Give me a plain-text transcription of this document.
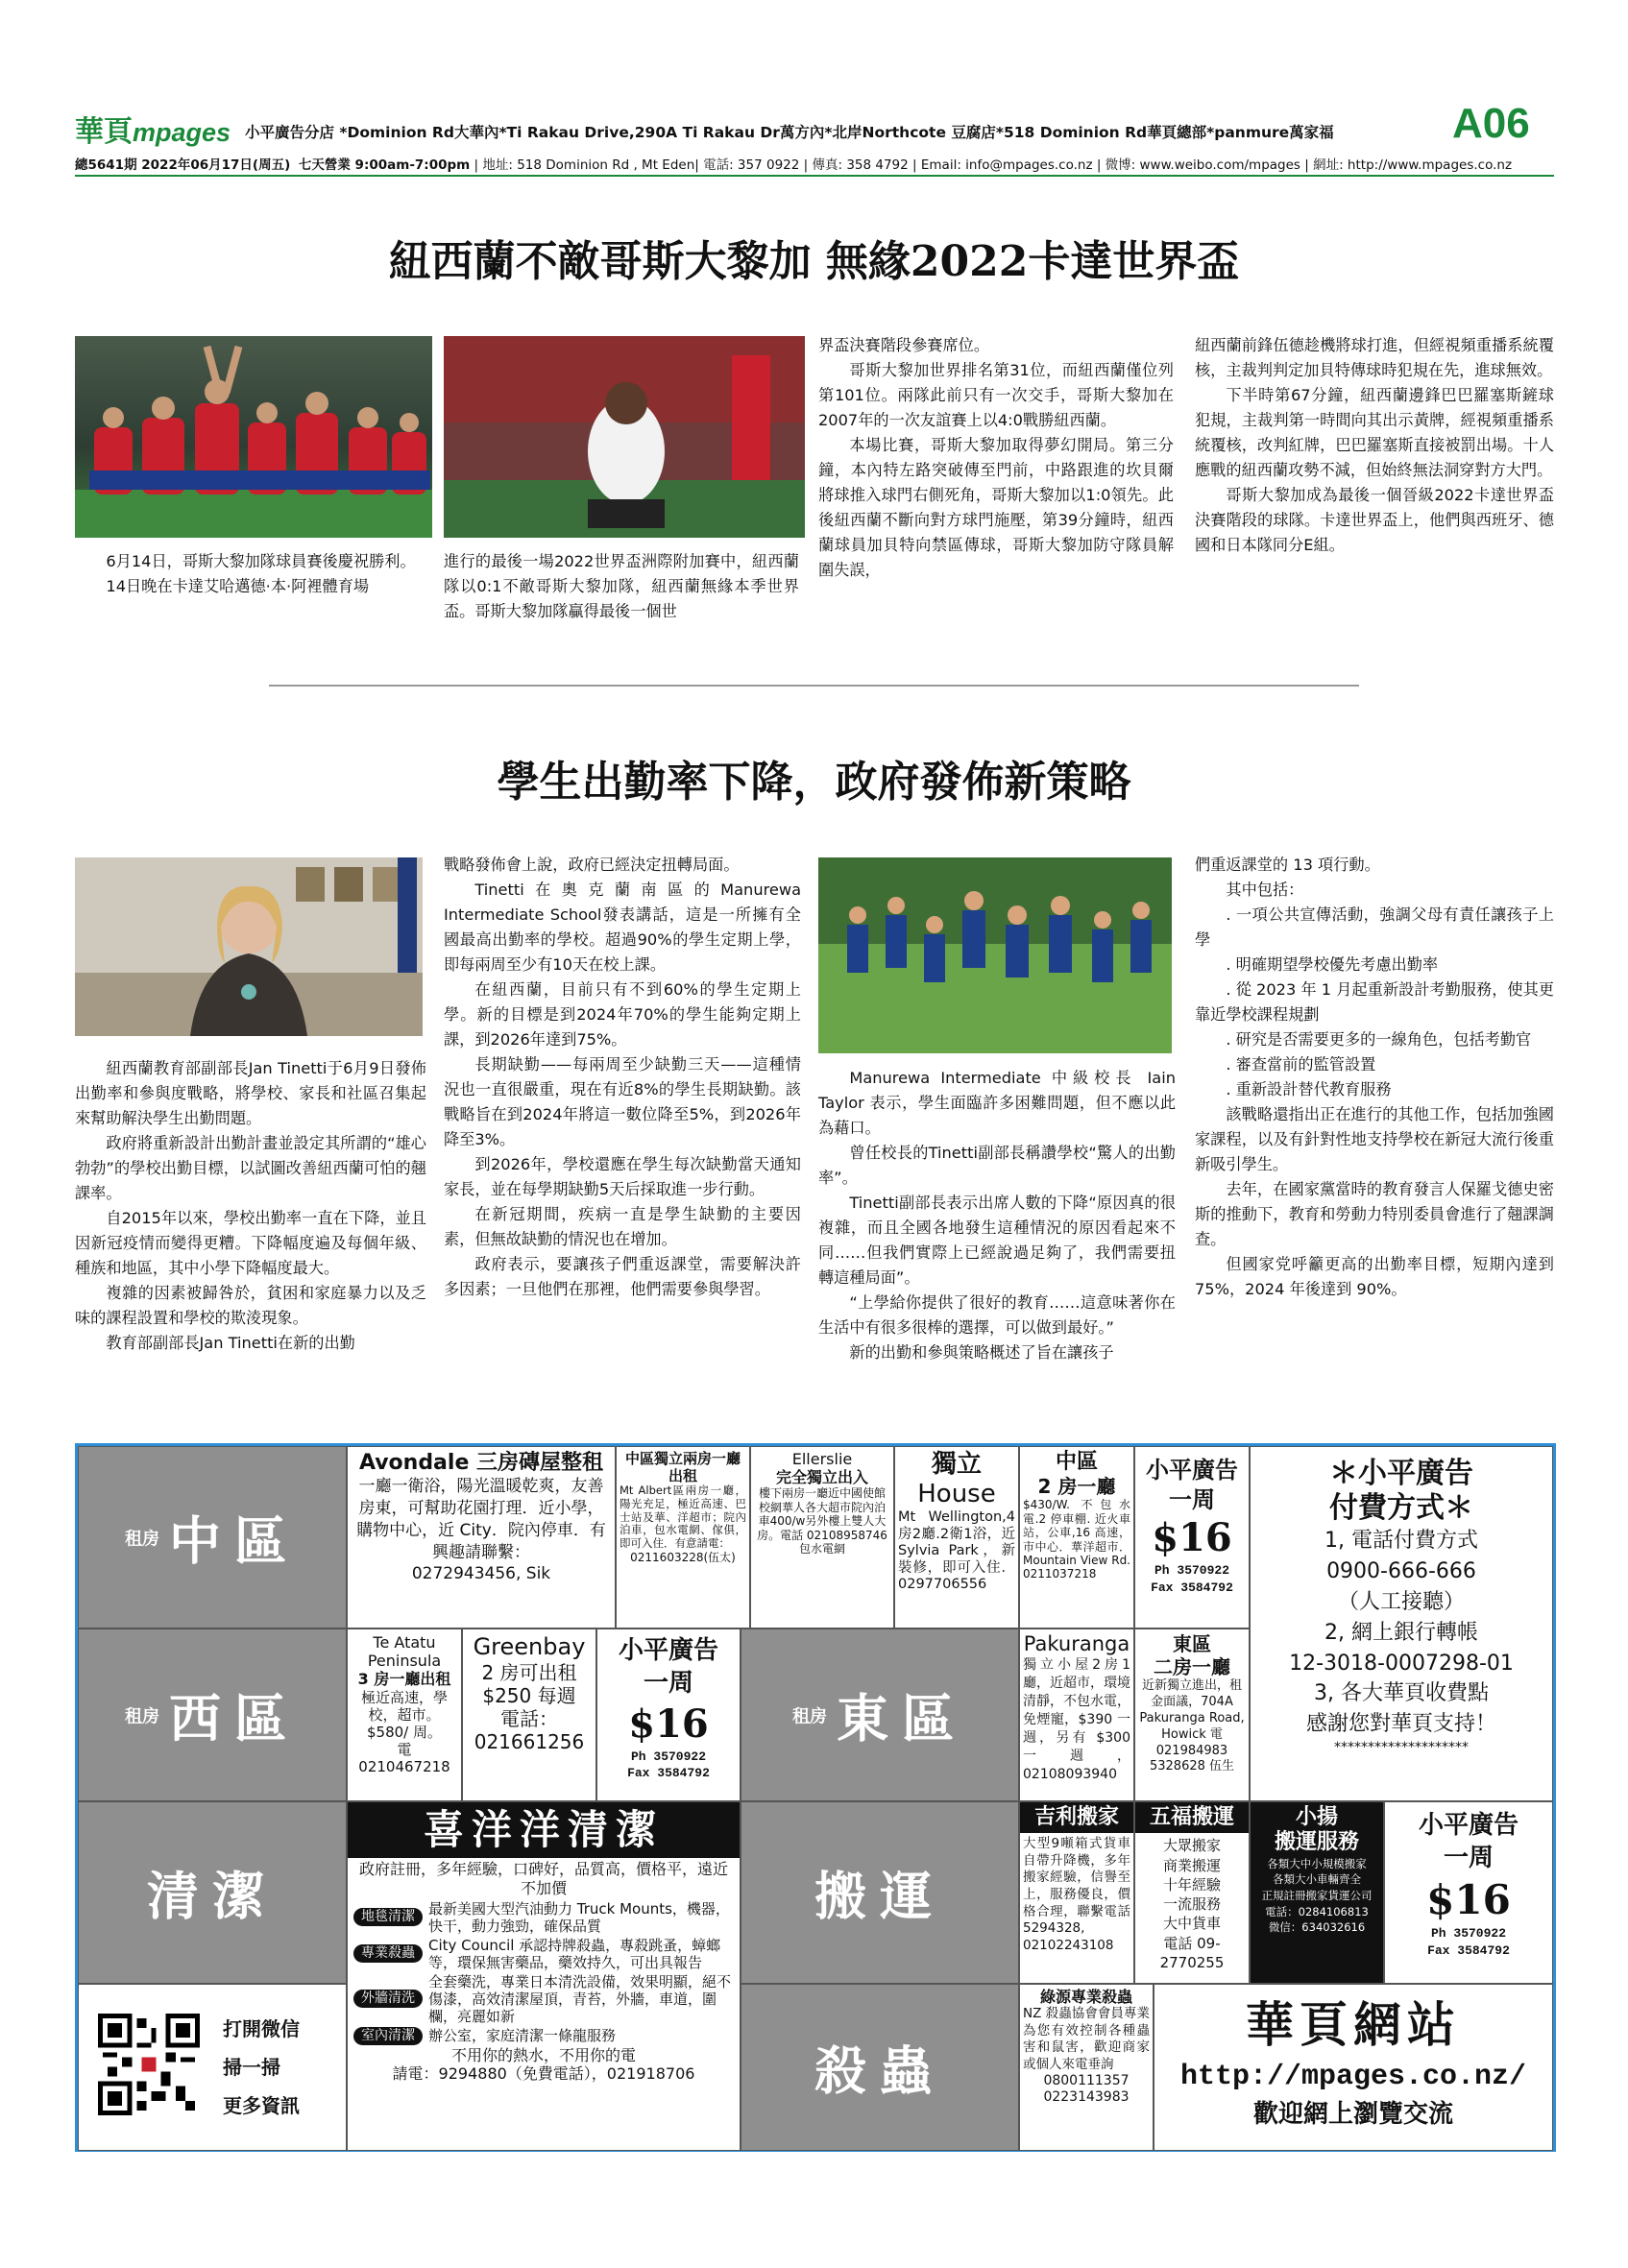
華頁mpages 小平廣告分店 *Dominion Rd大華內*Ti Rakau Drive,290A Ti Rakau Dr萬方內*北岸Northcote 豆腐店*518 Dominion Rd華頁總部*panmure萬家福	A06
總5641期 2022年06月17日(周五) 七天營業 9:00am-7:00pm | 地址: 518 Dominion Rd , Mt Eden| 電話: 357 0922 | 傳真: 358 4792 | Email: info@mpages.co.nz | 微博: www.weibo.com/mpages | 網址: http://www.mpages.co.nz
紐西蘭不敵哥斯大黎加 無緣2022卡達世界盃

6月14日，哥斯大黎加隊球員賽後慶祝勝利。

14日晚在卡達艾哈邁德·本·阿裡體育場

進行的最後一場2022世界盃洲際附加賽中，紐西蘭隊以0:1不敵哥斯大黎加隊，紐西蘭無緣本季世界盃。哥斯大黎加隊贏得最後一個世

界盃決賽階段參賽席位。

哥斯大黎加世界排名第31位，而紐西蘭僅位列第101位。兩隊此前只有一次交手，哥斯大黎加在2007年的一次友誼賽上以4:0戰勝紐西蘭。

本場比賽，哥斯大黎加取得夢幻開局。第三分鐘，本內特左路突破傳至門前，中路跟進的坎貝爾將球推入球門右側死角，哥斯大黎加以1:0領先。此後紐西蘭不斷向對方球門施壓，第39分鐘時，紐西蘭球員加貝特向禁區傳球，哥斯大黎加防守隊員解圍失誤，

紐西蘭前鋒伍德趁機將球打進，但經視頻重播系統覆核，主裁判判定加貝特傳球時犯規在先，進球無效。

下半時第67分鐘，紐西蘭邊鋒巴巴羅塞斯鏟球犯規，主裁判第一時間向其出示黃牌，經視頻重播系統覆核，改判紅牌，巴巴羅塞斯直接被罰出場。十人應戰的紐西蘭攻勢不減，但始終無法洞穿對方大門。

哥斯大黎加成為最後一個晉級2022卡達世界盃決賽階段的球隊。卡達世界盃上，他們與西班牙、德國和日本隊同分E組。

學生出勤率下降，政府發佈新策略

紐西蘭教育部副部長Jan Tinetti于6月9日發佈出勤率和參與度戰略，將學校、家長和社區召集起來幫助解決學生出勤問題。

政府將重新設計出勤計畫並設定其所謂的“雄心勃勃”的學校出勤目標，以試圖改善紐西蘭可怕的翹課率。

自2015年以來，學校出勤率一直在下降，並且因新冠疫情而變得更糟。下降幅度遍及每個年級、種族和地區，其中小學下降幅度最大。

複雜的因素被歸咎於，貧困和家庭暴力以及乏味的課程設置和學校的欺淩現象。

教育部副部長Jan Tinetti在新的出勤

戰略發佈會上說，政府已經決定扭轉局面。

Tinetti在奧克蘭南區的Manurewa Intermediate School發表講話，這是一所擁有全國最高出勤率的學校。超過90%的學生定期上學，即每兩周至少有10天在校上課。

在紐西蘭，目前只有不到60%的學生定期上學。新的目標是到2024年70%的學生能夠定期上課，到2026年達到75%。

長期缺勤——每兩周至少缺勤三天——這種情況也一直很嚴重，現在有近8%的學生長期缺勤。該戰略旨在到2024年將這一數位降至5%，到2026年降至3%。

到2026年，學校還應在學生每次缺勤當天通知家長，並在每學期缺勤5天后採取進一步行動。

在新冠期間，疾病一直是學生缺勤的主要因素，但無故缺勤的情況也在增加。

政府表示，要讓孩子們重返課堂，需要解決許多因素；一旦他們在那裡，他們需要參與學習。

Manurewa Intermediate 中級校長 Iain Taylor 表示，學生面臨許多困難問題，但不應以此為藉口。

曾任校長的Tinetti副部長稱讚學校“驚人的出勤率”。

Tinetti副部長表示出席人數的下降“原因真的很複雜，而且全國各地發生這種情況的原因看起來不同……但我們實際上已經說過足夠了，我們需要扭轉這種局面”。

“上學給你提供了很好的教育……這意味著你在生活中有很多很棒的選擇，可以做到最好。”

新的出勤和參與策略概述了旨在讓孩子

們重返課堂的 13 項行動。

其中包括：

. 一項公共宣傳活動，強調父母有責任讓孩子上學

. 明確期望學校優先考慮出勤率

. 從 2023 年 1 月起重新設計考勤服務，使其更靠近學校課程規劃

. 研究是否需要更多的一線角色，包括考勤官

. 審查當前的監管設置

. 重新設計替代教育服務

該戰略還指出正在進行的其他工作，包括加強國家課程，以及有針對性地支持學校在新冠大流行後重新吸引學生。

去年，在國家黨當時的教育發言人保羅戈德史密斯的推動下，教育和勞動力特別委員會進行了翹課調查。

但國家党呼籲更高的出勤率目標，短期內達到 75%，2024 年後達到 90%。

租房 中區
Avondale 三房磚屋整租
一廳一衛浴，陽光溫暖乾爽，友善房東，可幫助花園打理．近小學，購物中心，近 City．院內停車．有興趣請聯繫：
0272943456, Sik
中區獨立兩房一廳出租
Mt Albert區兩房一廳，陽光充足，極近高速、巴士站及華、洋超市；院內泊車，包水電網、傢俱，即可入住．有意請電：
0211603228(伍太)
Ellerslie
完全獨立出入
樓下兩房一廳近中國使館校網華人各大超市院內泊車400/w另外樓上雙人大房。電話 02108958746
包水電網
獨立
House
Mt Wellington,4房2廳.2衛1浴，近 Sylvia Park，新裝修，即可入住．0297706556
中區
2 房一廳
$430/W. 不包水電.2 停車棚. 近火車站，公車,16 高速，市中心．華洋超市．Mountain View Rd. 0211037218
小平廣告
一周
$16
Ph 3570922
Fax 3584792
＊小平廣告
付費方式＊
1, 電話付費方式
0900-666-666
（人工接聽）
2, 網上銀行轉帳
12-3018-0007298-01
3, 各大華頁收費點
感謝您對華頁支持！
********************
租房 西區
Te Atatu
Peninsula
3 房一廳出租
極近高速，學校，超市。$580/ 周。
電 0210467218
Greenbay
2 房可出租
$250 每週
電話：
021661256
小平廣告
一周
$16
Ph 3570922
Fax 3584792
租房 東區
Pakuranga
獨立小屋2房1廳，近超市，環境清靜，不包水電，免煙寵，$390 一週，另有 $300 一週，02108093940
東區
二房一廳
近新獨立進出，租金面議，704A Pakuranga Road, Howick 電 021984983 5328628 伍生
清潔
喜洋洋清潔
政府註冊，多年經驗，口碑好，品質高，價格平，遠近不加價
地毯清潔 最新美國大型汽油動力 Truck Mounts，機器，快干，動力強勁，確保品質
專業殺蟲 City Council 承認持牌殺蟲，專殺跳蚤，蟑螂等，環保無害藥品，藥效持久，可出具報告
外牆清洗
全套藥洗，專業日本清洗設備，效果明顯，絕不傷漆，高效清潔屋頂，青苔，外牆，車道，圍欄，亮麗如新
室內清潔 辦公室，家庭清潔一條龍服務
不用你的熱水，不用你的電
請電：9294880（免費電話），021918706
搬運
吉利搬家
大型9噸箱式貨車自帶升降機，多年搬家經驗，信譽至上，服務優良，價格合理，聯繫電話 5294328, 02102243108
五福搬運
大眾搬家
商業搬運
十年經驗
一流服務
大中貨車
電話 09-2770255
小揚
搬運服務
各類大中小規模搬家
各類大小車輛齊全
正規註冊搬家貨運公司
電話：0284106813
微信：634032616
小平廣告
一周
$16
Ph 3570922
Fax 3584792
打開微信
掃一掃
更多資訊
殺蟲
綠源專業殺蟲
NZ 殺蟲協會會員專業為您有效控制各種蟲害和鼠害，歡迎商家或個人來電垂詢
0800111357
0223143983
華頁網站
http://mpages.co.nz/
歡迎網上瀏覽交流
